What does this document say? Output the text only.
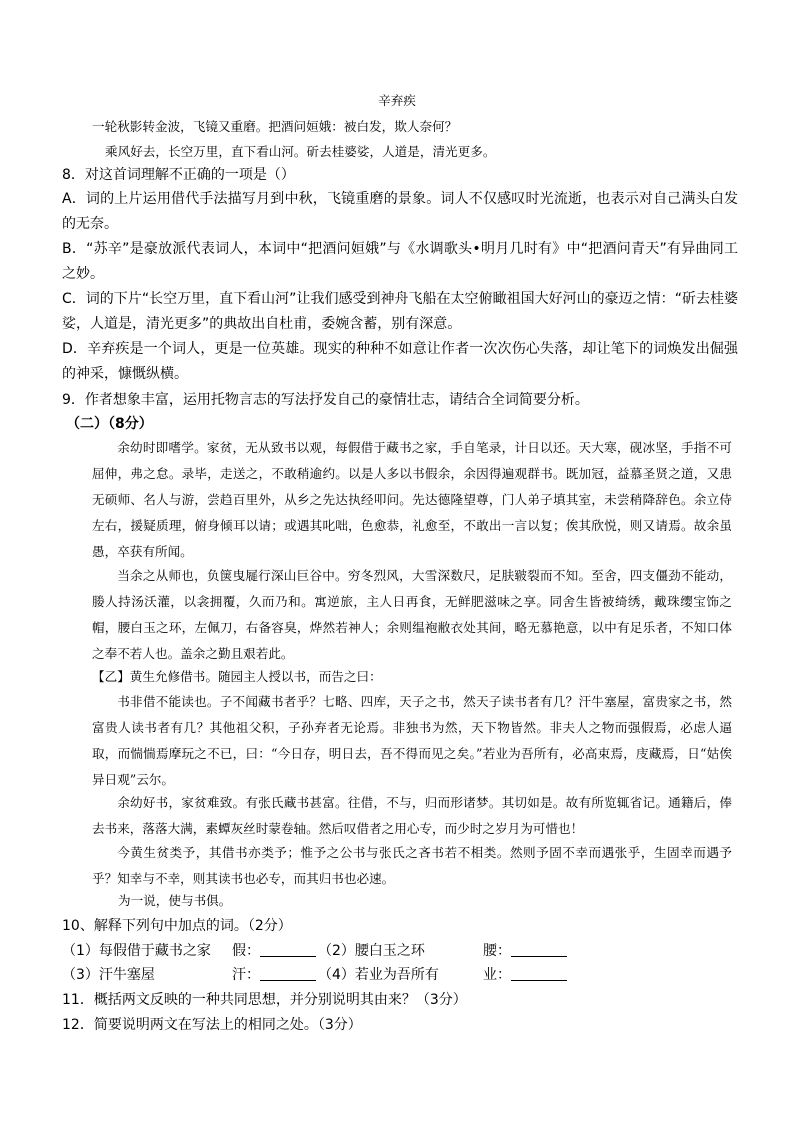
辛弃疾
一轮秋影转金波，飞镜又重磨。把酒问姮娥：被白发，欺人奈何？
乘风好去，长空万里，直下看山河。斫去桂婆娑，人道是，清光更多。
8．对这首词理解不正确的一项是（）
A．词的上片运用借代手法描写月到中秋，飞镜重磨的景象。词人不仅感叹时光流逝，也表示对自己满头白发的无奈。
B．“苏辛”是豪放派代表词人，本词中“把酒问姮娥”与《水调歌头•明月几时有》中“把酒问青天”有异曲同工之妙。
C．词的下片“长空万里，直下看山河”让我们感受到神舟飞船在太空俯瞰祖国大好河山的豪迈之情：“斫去桂婆娑，人道是，清光更多”的典故出自杜甫，委婉含蓄，别有深意。
D．辛弃疾是一个词人，更是一位英雄。现实的种种不如意让作者一次次伤心失落，却让笔下的词焕发出倔强的神采，慷慨纵横。
9．作者想象丰富，运用托物言志的写法抒发自己的豪情壮志，请结合全词简要分析。
（二）（8分）
余幼时即嗜学。家贫，无从致书以观，每假借于藏书之家，手自笔录，计日以还。天大寒，砚冰坚，手指不可屈伸，弗之怠。录毕，走送之，不敢稍逾约。以是人多以书假余，余因得遍观群书。既加冠，益慕圣贤之道，又患无硕师、名人与游，尝趋百里外，从乡之先达执经叩问。先达德隆望尊，门人弟子填其室，未尝稍降辞色。余立侍左右，援疑质理，俯身倾耳以请；或遇其叱咄，色愈恭，礼愈至，不敢出一言以复；俟其欣悦，则又请焉。故余虽愚，卒获有所闻。
当余之从师也，负箧曳屣行深山巨谷中。穷冬烈风，大雪深数尺，足肤皲裂而不知。至舍，四支僵劲不能动，媵人持汤沃灌，以衾拥覆，久而乃和。寓逆旅，主人日再食，无鲜肥滋味之享。同舍生皆被绮绣，戴珠缨宝饰之帽，腰白玉之环，左佩刀，右备容臭，烨然若神人；余则缊袍敝衣处其间，略无慕艳意，以中有足乐者，不知口体之奉不若人也。盖余之勤且艰若此。
【乙】黄生允修借书。随园主人授以书，而告之曰：
书非借不能读也。子不闻藏书者乎？七略、四库，天子之书，然天子读书者有几？汗牛塞屋，富贵家之书，然富贵人读书者有几？其他祖父积，子孙弃者无论焉。非独书为然，天下物皆然。非夫人之物而强假焉，必虑人逼取，而惴惴焉摩玩之不已，曰：“今日存，明日去，吾不得而见之矣。”若业为吾所有，必高束焉，庋藏焉，日“姑俟异日观”云尔。
余幼好书，家贫难致。有张氏藏书甚富。往借，不与，归而形诸梦。其切如是。故有所览辄省记。通籍后，俸去书来，落落大满，素蟫灰丝时蒙卷轴。然后叹借者之用心专，而少时之岁月为可惜也！
今黄生贫类予，其借书亦类予；惟予之公书与张氏之吝书若不相类。然则予固不幸而遇张乎，生固幸而遇予乎？知幸与不幸，则其读书也必专，而其归书也必速。
为一说，使与书俱。
10、解释下列句中加点的词。（2分）
（1）每假借于藏书之家 假：	（2）腰白玉之环	腰：
（3）汗牛塞屋	汗：	（4）若业为吾所有	业：
11．概括两文反映的一种共同思想，并分别说明其由来？（3分）
12．简要说明两文在写法上的相同之处。（3分）
